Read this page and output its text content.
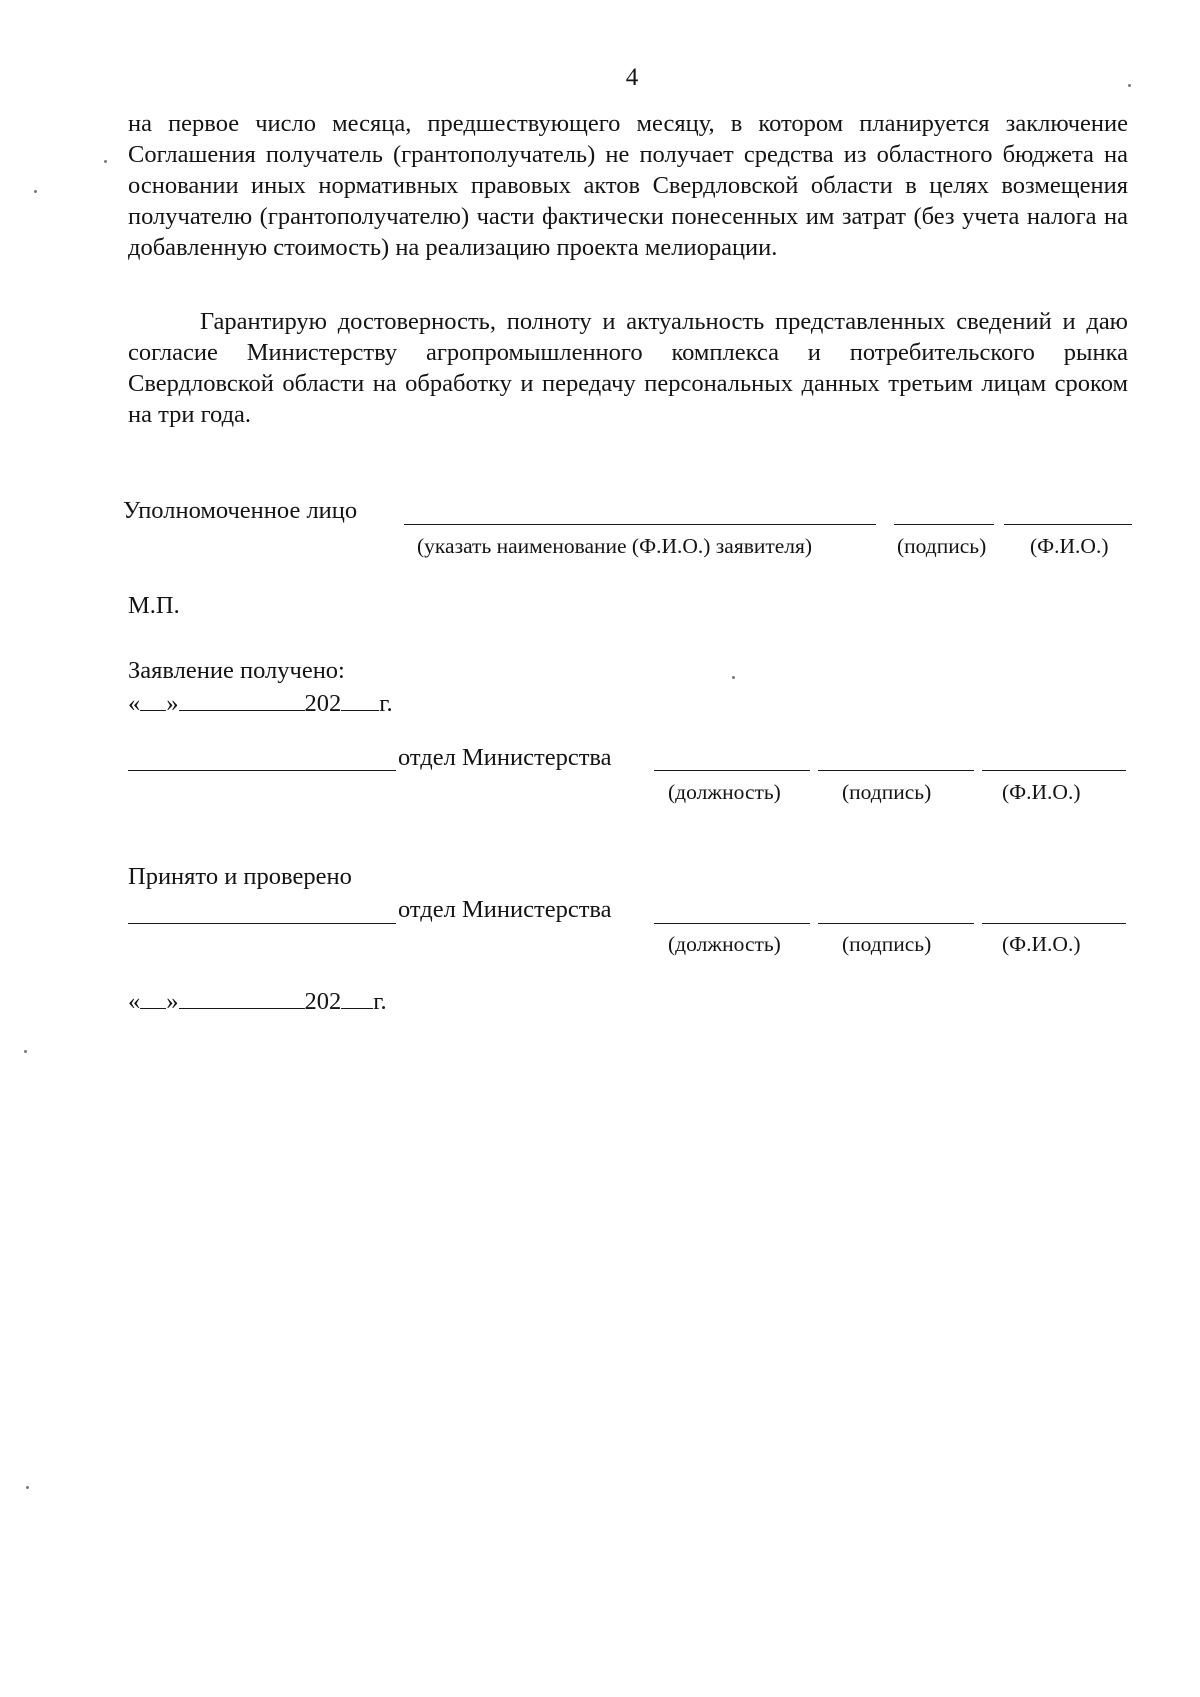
4
на первое число месяца, предшествующего месяцу, в котором планируется заключение Соглашения получатель (грантополучатель) не получает средства из областного бюджета на основании иных нормативных правовых актов Свердловской области в целях возмещения получателю (грантополучателю) части фактически понесенных им затрат (без учета налога на добавленную стоимость) на реализацию проекта мелиорации.
Гарантирую достоверность, полноту и актуальность представленных сведений и даю согласие Министерству агропромышленного комплекса и потребительского рынка Свердловской области на обработку и передачу персональных данных третьим лицам сроком на три года.
Уполномоченное лицо
(указать наименование (Ф.И.О.) заявителя)	(подпись) (Ф.И.О.)
М.П.
Заявление получено:
« »	202 г.
отдел Министерства
(должность)	(подпись)	(Ф.И.О.)
Принято и проверено
отдел Министерства
(должность)	(подпись)	(Ф.И.О.)
« »	202 г.
